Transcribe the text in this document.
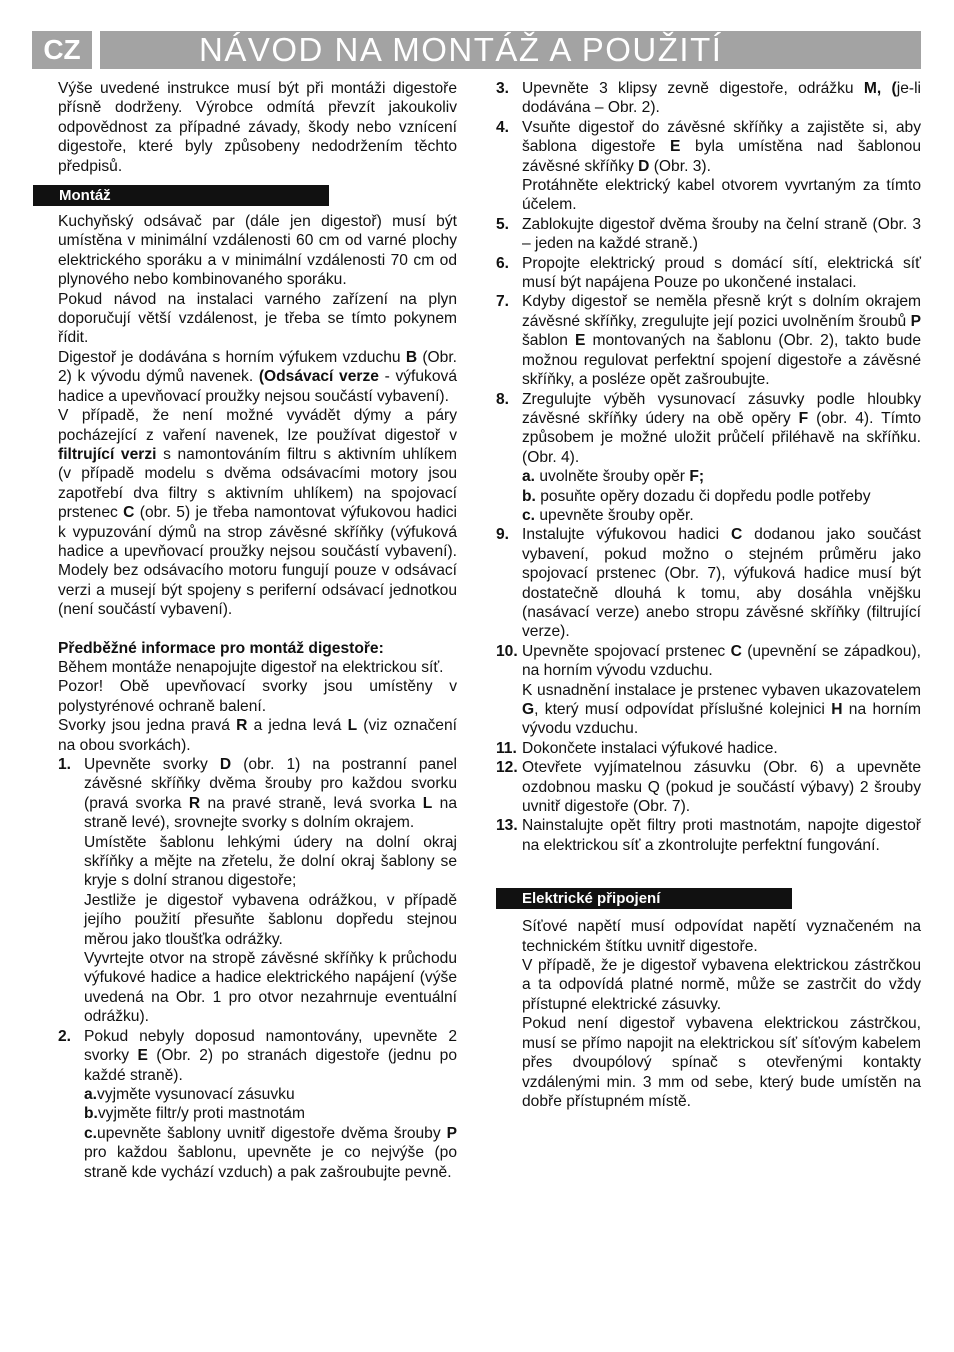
CZ	NÁVOD NA MONTÁŽ A POUŽITÍ

Výše uvedené instrukce musí být při montáži digestoře přísně dodrženy. Výrobce odmítá převzít jakoukoliv odpovědnost za případné závady, škody nebo vznícení digestoře, které byly způsobeny nedodržením těchto předpisů.

Montáž

Kuchyňský odsávač par (dále jen digestoř) musí být umístěna v minimální vzdálenosti 60 cm od varné plochy elektrického sporáku a v minimální vzdálenosti 70 cm od plynového nebo kombinovaného sporáku.

Pokud návod na instalaci varného zařízení na plyn doporučují větší vzdálenost, je třeba se tímto pokynem řídit.

Digestoř je dodávána s horním výfukem vzduchu B (Obr. 2) k vývodu dýmů navenek. (Odsávací verze - výfuková hadice a upevňovací proužky nejsou součástí vybavení).

V případě, že není možné vyvádět dýmy a páry pocházející z vaření navenek, lze používat digestoř v filtrující verzi s namontováním filtru s aktivním uhlíkem (v případě modelu s dvěma odsávacími motory jsou zapotřebí dva filtry s aktivním uhlíkem) na spojovací prstenec C (obr. 5) je třeba namontovat výfukovou hadici k vypuzování dýmů na strop závěsné skříňky (výfuková hadice a upevňovací proužky nejsou součástí vybavení). Modely bez odsávacího motoru fungují pouze v odsávací verzi a musejí být spojeny s periferní odsávací jednotkou (není součástí vybavení).

Předběžné informace pro montáž digestoře:

Během montáže nenapojujte digestoř na elektrickou síť.

Pozor! Obě upevňovací svorky jsou umístěny v polystyrénové ochraně balení.

Svorky jsou jedna pravá R a jedna levá L (viz označení na obou svorkách).

1. Upevněte svorky D (obr. 1) na postranní panel závěsné skříňky dvěma šrouby pro každou svorku (pravá svorka R na pravé straně, levá svorka L na straně levé), srovnejte svorky s dolním okrajem.

Umístěte šablonu lehkými údery na dolní okraj skříňky a mějte na zřetelu, že dolní okraj šablony se kryje s dolní stranou digestoře;

Jestliže je digestoř vybavena odrážkou, v případě jejího použití přesuňte šablonu dopředu stejnou měrou jako tloušťka odrážky.

Vyvrtejte otvor na stropě závěsné skříňky k průchodu výfukové hadice a hadice elektrického napájení (výše uvedená na Obr. 1 pro otvor nezahrnuje eventuální odrážku).

2. Pokud nebyly doposud namontovány, upevněte 2 svorky E (Obr. 2) po stranách digestoře (jednu po každé straně).

a.vyjměte vysunovací zásuvku

b.vyjměte filtr/y proti mastnotám

c.upevněte šablony uvnitř digestoře dvěma šrouby P pro každou šablonu, upevněte je co nejvýše (po straně kde vychází vzduch) a pak zašroubujte pevně.

3. Upevněte 3 klipsy zevně digestoře, odrážku M, (je-li dodávána – Obr. 2).

4. Vsuňte digestoř do závěsné skříňky a zajistěte si, aby šablona digestoře E byla umístěna nad šablonou závěsné skříňky D (Obr. 3).

Protáhněte elektrický kabel otvorem vyvrtaným za tímto účelem.

5. Zablokujte digestoř dvěma šrouby na čelní straně (Obr. 3 – jeden na každé straně.)

6. Propojte elektrický proud s domácí sítí, elektrická síť musí být napájena Pouze po ukončené instalaci.

7. Kdyby digestoř se neměla přesně krýt s dolním okrajem závěsné skříňky, zregulujte její pozici uvolněním šroubů P šablon E montovaných na šablonu (Obr. 2), takto bude možnou regulovat perfektní spojení digestoře a závěsné skříňky, a posléze opět zašroubujte.

8. Zregulujte výběh vysunovací zásuvky podle hloubky závěsné skříňky údery na obě opěry F (obr. 4). Tímto způsobem je možné uložit průčelí přiléhavě na skříňku. (Obr. 4).

a. uvolněte šrouby opěr F;

b. posuňte opěry dozadu či dopředu podle potřeby

c. upevněte šrouby opěr.

9. Instalujte výfukovou hadici C dodanou jako součást vybavení, pokud možno o stejném průměru jako spojovací prstenec (Obr. 7), výfuková hadice musí být dostatečně dlouhá k tomu, aby dosáhla vnějšku (nasávací verze) anebo stropu závěsné skříňky (filtrující verze).

10. Upevněte spojovací prstenec C (upevnění se západkou), na horním vývodu vzduchu.

K usnadnění instalace je prstenec vybaven ukazovatelem G, který musí odpovídat příslušné kolejnici H na horním vývodu vzduchu.

11. Dokončete instalaci výfukové hadice.

12. Otevřete vyjímatelnou zásuvku (Obr. 6) a upevněte ozdobnou masku Q (pokud je součástí výbavy) 2 šrouby uvnitř digestoře (Obr. 7).

13. Nainstalujte opět filtry proti mastnotám, napojte digestoř na elektrickou síť a zkontrolujte perfektní fungování.

Elektrické připojení

Síťové napětí musí odpovídat napětí vyznačeném na technickém štítku uvnitř digestoře.

V případě, že je digestoř vybavena elektrickou zástrčkou a ta odpovídá platné normě, může se zastrčit do vždy přístupné elektrické zásuvky.

Pokud není digestoř vybavena elektrickou zástrčkou, musí se přímo napojit na elektrickou síť síťovým kabelem přes dvoupólový spínač s otevřenými kontakty vzdálenými min. 3 mm od sebe, který bude umístěn na dobře přístupném místě.
